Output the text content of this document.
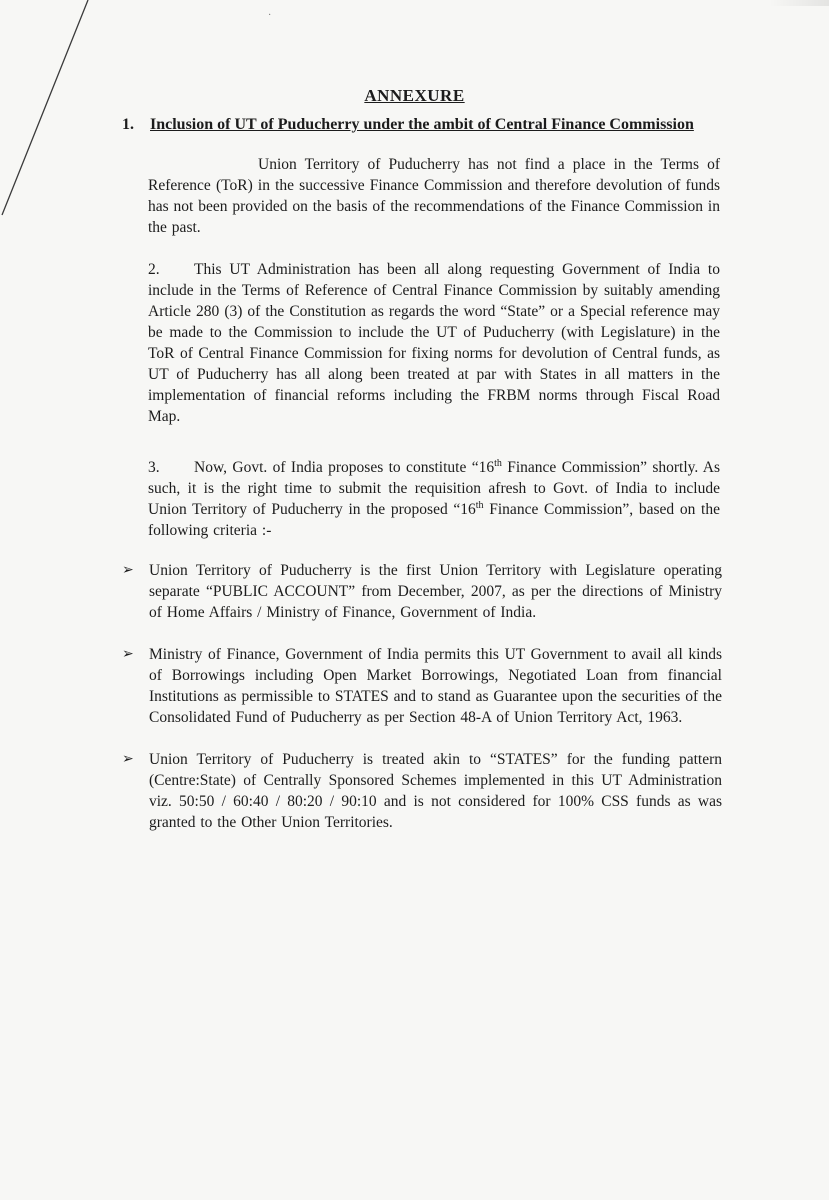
·
ANNEXURE

1. Inclusion of UT of Puducherry under the ambit of Central Finance Commission

Union Territory of Puducherry has not find a place in the Terms of Reference (ToR) in the successive Finance Commission and therefore devolution of funds has not been provided on the basis of the recommendations of the Finance Commission in the past.

2. This UT Administration has been all along requesting Government of India to include in the Terms of Reference of Central Finance Commission by suitably amending Article 280 (3) of the Constitution as regards the word “State” or a Special reference may be made to the Commission to include the UT of Puducherry (with Legislature) in the ToR of Central Finance Commission for fixing norms for devolution of Central funds, as UT of Puducherry has all along been treated at par with States in all matters in the implementation of financial reforms including the FRBM norms through Fiscal Road Map.

3. Now, Govt. of India proposes to constitute “16th Finance Commission” shortly. As such, it is the right time to submit the requisition afresh to Govt. of India to include Union Territory of Puducherry in the proposed “16th Finance Commission”, based on the following criteria :-

➢ Union Territory of Puducherry is the first Union Territory with Legislature operating separate “PUBLIC ACCOUNT” from December, 2007, as per the directions of Ministry of Home Affairs / Ministry of Finance, Government of India.

➢ Ministry of Finance, Government of India permits this UT Government to avail all kinds of Borrowings including Open Market Borrowings, Negotiated Loan from financial Institutions as permissible to STATES and to stand as Guarantee upon the securities of the Consolidated Fund of Puducherry as per Section 48-A of Union Territory Act, 1963.

➢ Union Territory of Puducherry is treated akin to “STATES” for the funding pattern (Centre:State) of Centrally Sponsored Schemes implemented in this UT Administration viz. 50:50 / 60:40 / 80:20 / 90:10 and is not considered for 100% CSS funds as was granted to the Other Union Territories.
